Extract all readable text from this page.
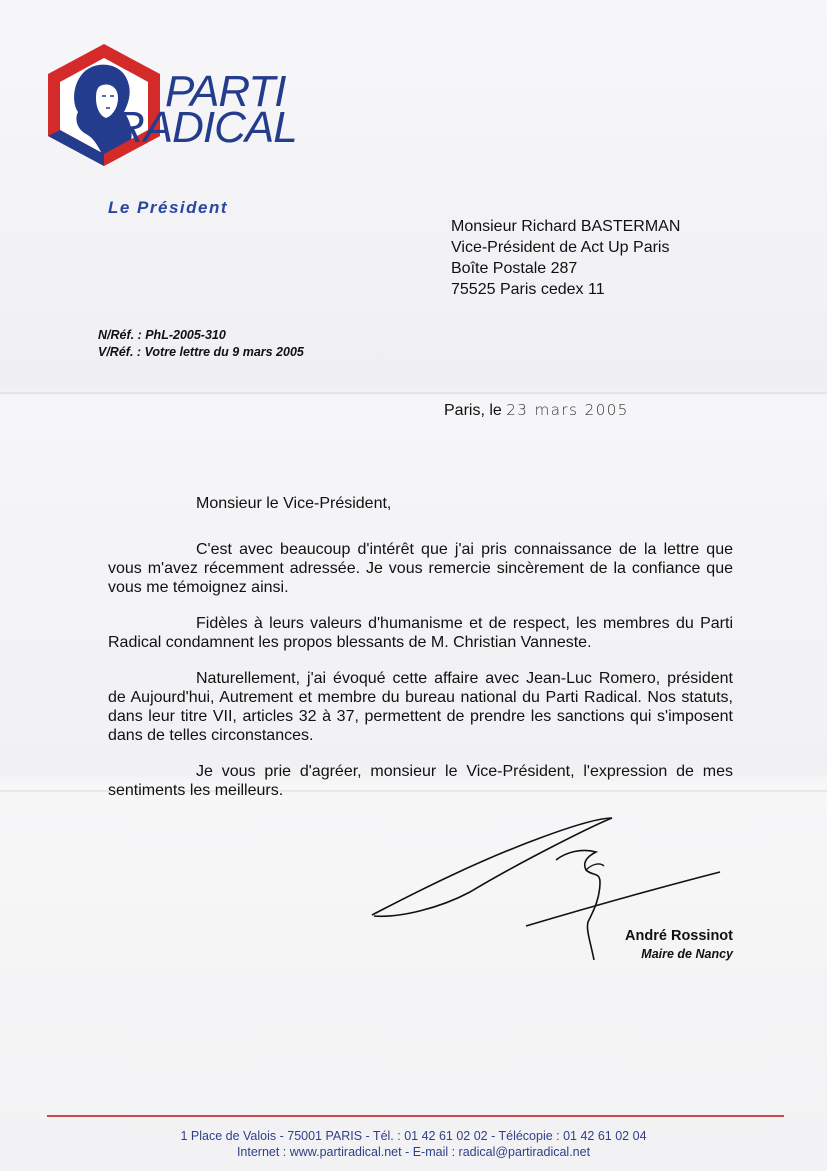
PARTI
RADICAL
Le Président

Monsieur Richard BASTERMAN
Vice-Président de Act Up Paris
Boîte Postale 287
75525 Paris cedex 11
N/Réf. : PhL-2005-310
V/Réf. : Votre lettre du 9 mars 2005
Paris, le 23 mars 2005
Monsieur le Vice-Président,

C'est avec beaucoup d'intérêt que j'ai pris connaissance de la lettre que vous m'avez récemment adressée. Je vous remercie sincèrement de la confiance que vous me témoignez ainsi.

Fidèles à leurs valeurs d'humanisme et de respect, les membres du Parti Radical condamnent les propos blessants de M. Christian Vanneste.

Naturellement, j'ai évoqué cette affaire avec Jean-Luc Romero, président de Aujourd'hui, Autrement et membre du bureau national du Parti Radical. Nos statuts, dans leur titre VII, articles 32 à 37, permettent de prendre les sanctions qui s'imposent dans de telles circonstances.

Je vous prie d'agréer, monsieur le Vice-Président, l'expression de mes sentiments les meilleurs.

André Rossinot
Maire de Nancy
1 Place de Valois - 75001 PARIS - Tél. : 01 42 61 02 02 - Télécopie : 01 42 61 02 04
Internet : www.partiradical.net - E-mail : radical@partiradical.net
